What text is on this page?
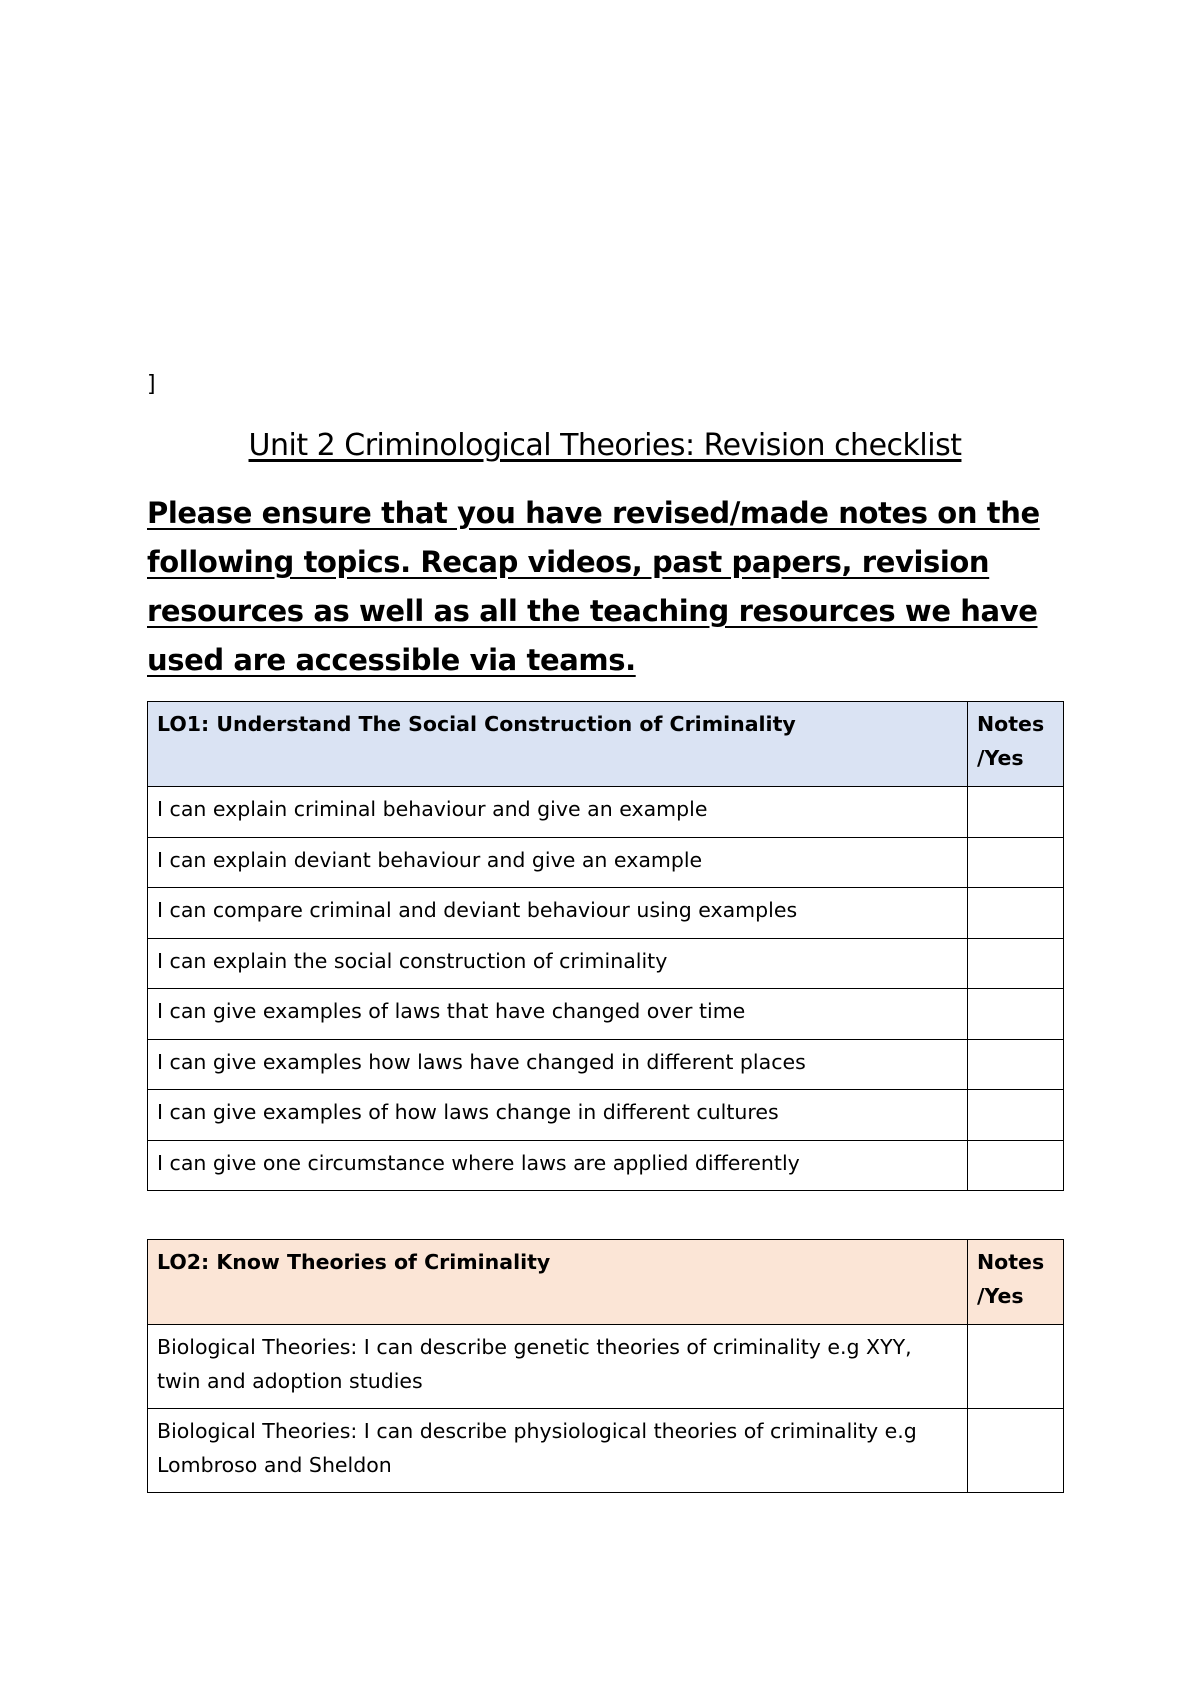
]
Unit 2 Criminological Theories: Revision checklist
Please ensure that you have revised/made notes on the following topics. Recap videos, past papers, revision resources as well as all the teaching resources we have used are accessible via teams.
LO1: Understand The Social Construction of Criminality	Notes
/Yes

I can explain criminal behaviour and give an example	
I can explain deviant behaviour and give an example	
I can compare criminal and deviant behaviour using examples	
I can explain the social construction of criminality	
I can give examples of laws that have changed over time	
I can give examples how laws have changed in different places	
I can give examples of how laws change in different cultures	
I can give one circumstance where laws are applied differently	
LO2: Know Theories of Criminality	Notes
/Yes

Biological Theories: I can describe genetic theories of criminality e.g XYY, twin and adoption studies	
Biological Theories: I can describe physiological theories of criminality e.g Lombroso and Sheldon	
